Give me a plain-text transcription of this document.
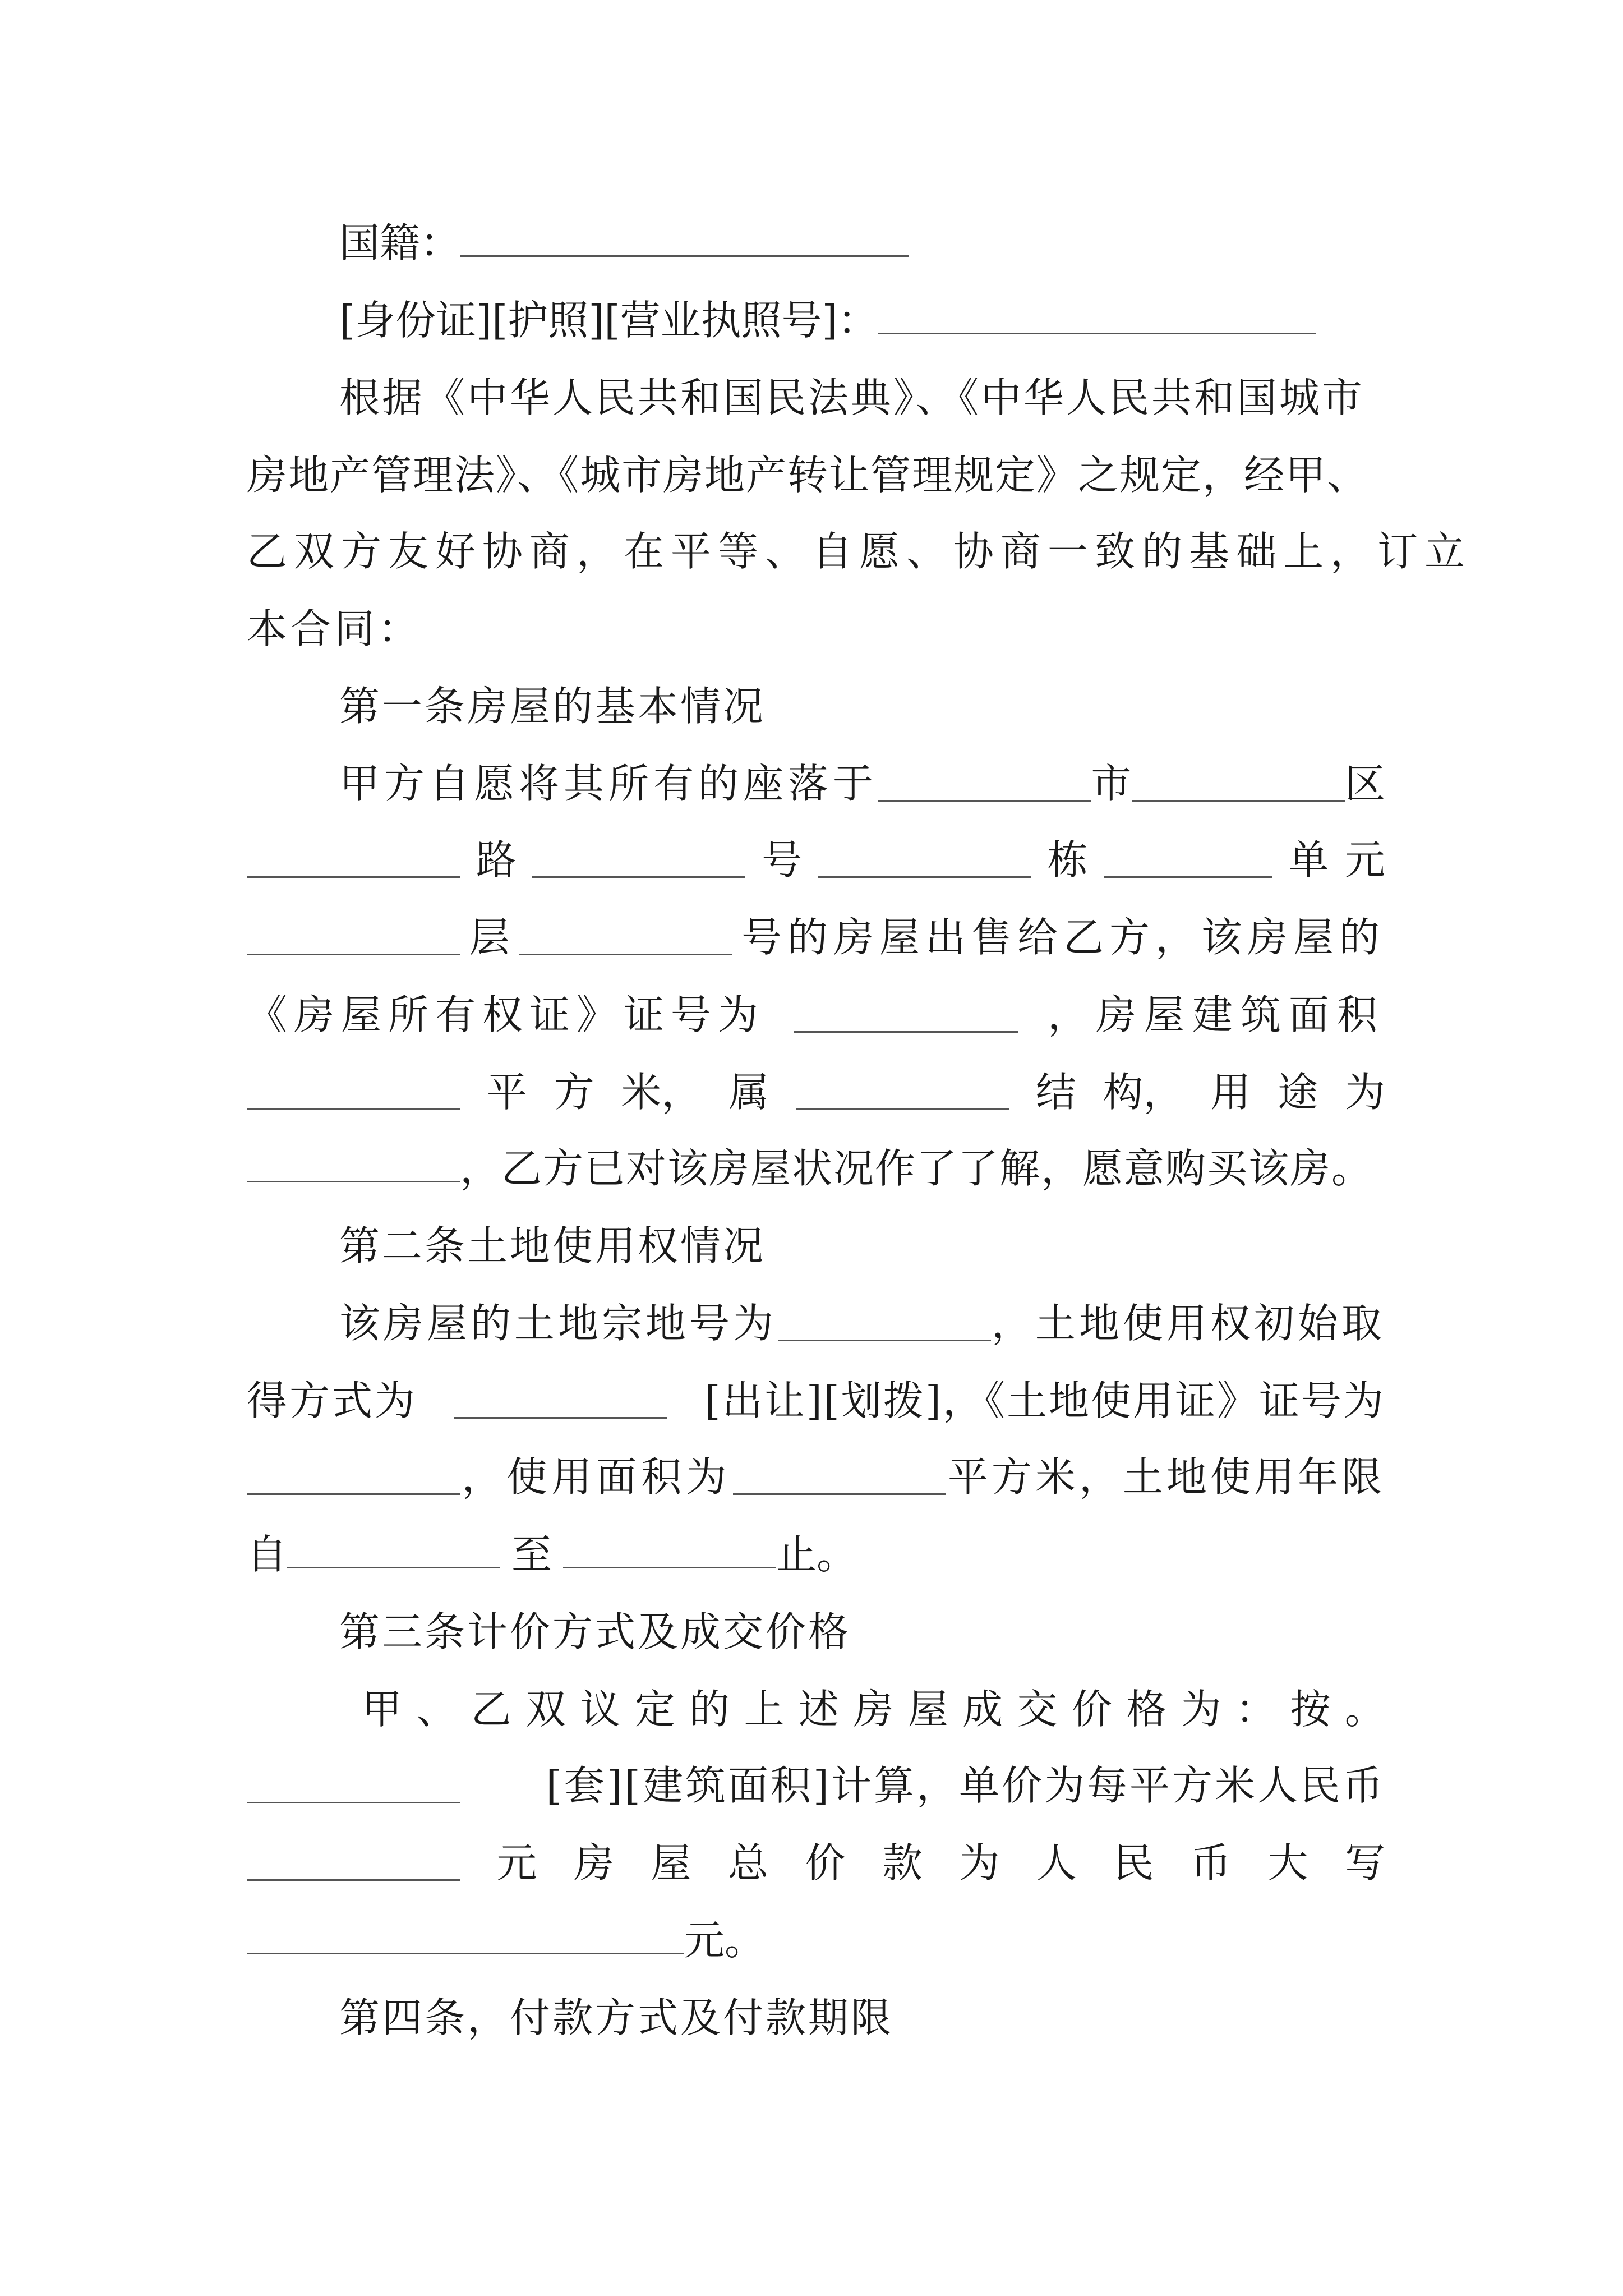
国籍：
[身份证][护照][营业执照号]：
根据《中华人民共和国民法典》、《中华人民共和国城市
房地产管理法》、《城市房地产转让管理规定》之规定，经甲、
乙双方友好协商，在平等、自愿、协商一致的基础上，订立
本合同：
第一条房屋的基本情况
甲方自愿将其所有的座落于	市	区
路	号	栋	单 元
层	号的房屋出售给乙方，该房屋的
《房屋所有权证》证号为	，房屋建筑面积
平 方 米， 属	结 构， 用 途 为
，乙方已对该房屋状况作了了解，愿意购买该房。
第二条土地使用权情况
该房屋的土地宗地号为	，土地使用权初始取
得方式为	[出让][划拨]，《土地使用证》证号为
，使用面积为	平方米，土地使用年限
自	至	止。
第三条计价方式及成交价格
甲 、 乙 双 议 定 的 上 述 房 屋 成 交 价 格 为 ： 按 。
[套][建筑面积]计算，单价为每平方米人民币
元 房 屋 总 价 款 为 人 民 币 大 写
元。
第四条，付款方式及付款期限
